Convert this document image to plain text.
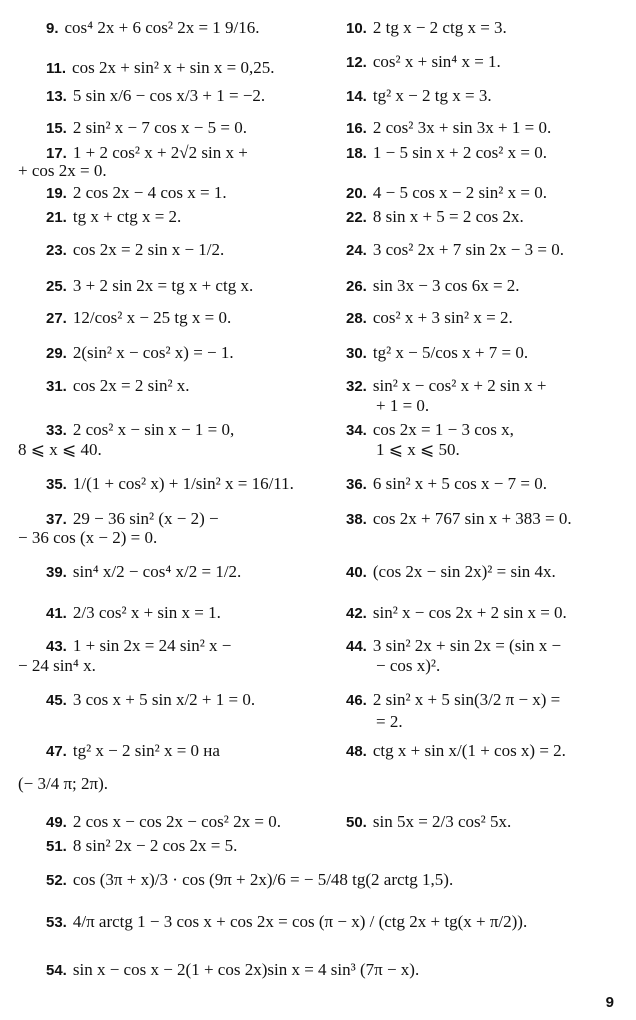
9. cos⁴ 2x + 6 cos² 2x = 1 9/16.
11. cos 2x + sin² x + sin x = 0,25.
13. 5 sin x/6 − cos x/3 + 1 = −2.
15. 2 sin² x − 7 cos x − 5 = 0.
17. 1 + 2 cos² x + 2√2 sin x +
+ cos 2x = 0.
19. 2 cos 2x − 4 cos x = 1.
21. tg x + ctg x = 2.
23. cos 2x = 2 sin x − 1/2.
25. 3 + 2 sin 2x = tg x + ctg x.
27. 12/cos² x − 25 tg x = 0.
29. 2(sin² x − cos² x) = − 1.
31. cos 2x = 2 sin² x.
33. 2 cos² x − sin x − 1 = 0,
8 ⩽ x ⩽ 40.
35. 1/(1 + cos² x) + 1/sin² x = 16/11.
37. 29 − 36 sin² (x − 2) −
− 36 cos (x − 2) = 0.
39. sin⁴ x/2 − cos⁴ x/2 = 1/2.
41. 2/3 cos² x + sin x = 1.
43. 1 + sin 2x = 24 sin² x −
− 24 sin⁴ x.
45. 3 cos x + 5 sin x/2 + 1 = 0.
47. tg² x − 2 sin² x = 0 на
(− 3/4 π; 2π).
10. 2 tg x − 2 ctg x = 3.
12. cos² x + sin⁴ x = 1.
14. tg² x − 2 tg x = 3.
16. 2 cos² 3x + sin 3x + 1 = 0.
18. 1 − 5 sin x + 2 cos² x = 0.
20. 4 − 5 cos x − 2 sin² x = 0.
22. 8 sin x + 5 = 2 cos 2x.
24. 3 cos² 2x + 7 sin 2x − 3 = 0.
26. sin 3x − 3 cos 6x = 2.
28. cos² x + 3 sin² x = 2.
30. tg² x − 5/cos x + 7 = 0.
32. sin² x − cos² x + 2 sin x +
+ 1 = 0.
34. cos 2x = 1 − 3 cos x,
1 ⩽ x ⩽ 50.
36. 6 sin² x + 5 cos x − 7 = 0.
38. cos 2x + 767 sin x + 383 = 0.
40. (cos 2x − sin 2x)² = sin 4x.
42. sin² x − cos 2x + 2 sin x = 0.
44. 3 sin² 2x + sin 2x = (sin x −
− cos x)².
46. 2 sin² x + 5 sin(3/2 π − x) =
= 2.
48. ctg x + sin x/(1 + cos x) = 2.
49. 2 cos x − cos 2x − cos² 2x = 0.	50. sin 5x = 2/3 cos² 5x.
51. 8 sin² 2x − 2 cos 2x = 5.
52. cos (3π + x)/3 · cos (9π + 2x)/6 = − 5/48 tg(2 arctg 1,5).
53. 4/π arctg 1 − 3 cos x + cos 2x = cos (π − x) / (ctg 2x + tg(x + π/2)).
54. sin x − cos x − 2(1 + cos 2x)sin x = 4 sin³ (7π − x).
9
